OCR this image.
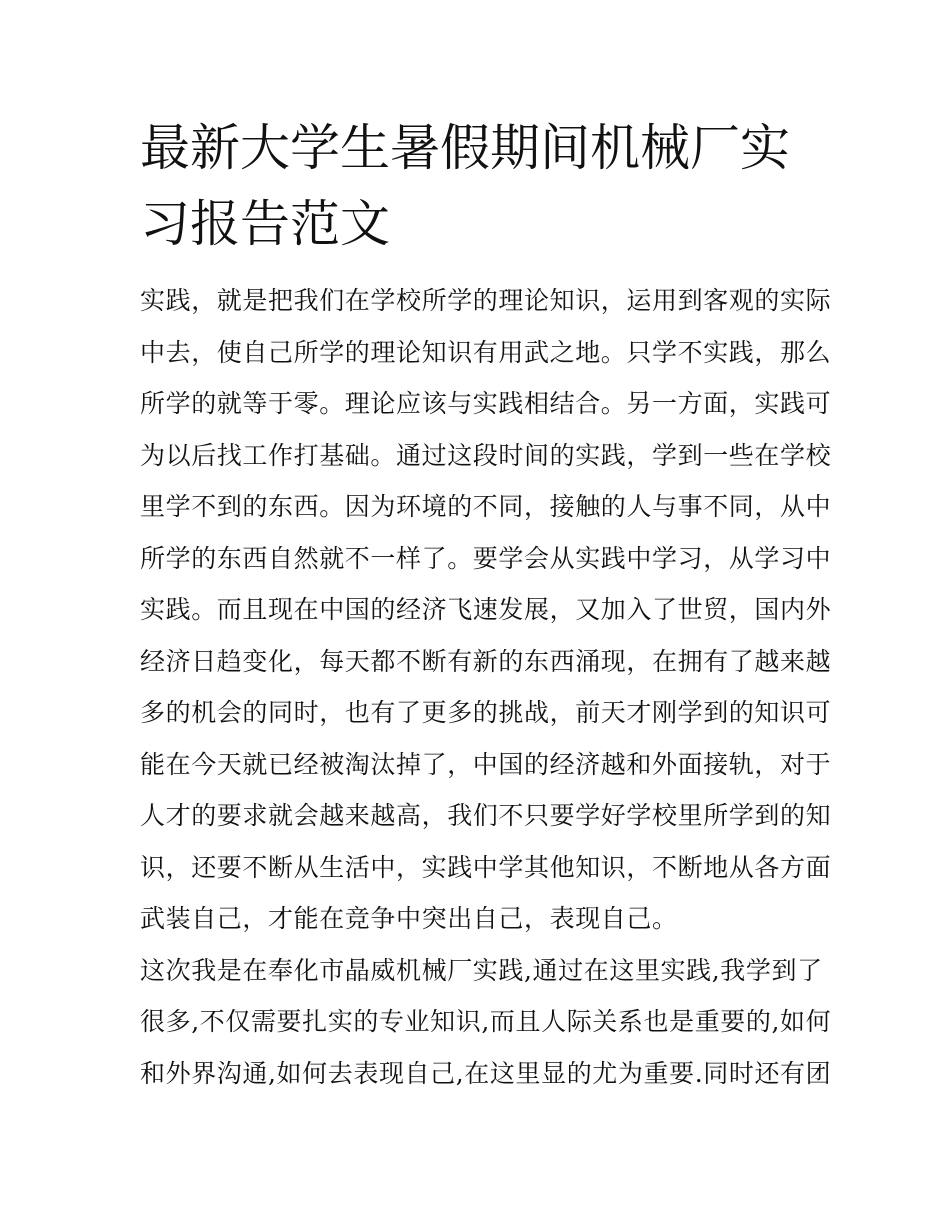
最新大学生暑假期间机械厂实
习报告范文
实践，就是把我们在学校所学的理论知识，运用到客观的实际
中去，使自己所学的理论知识有用武之地。只学不实践，那么
所学的就等于零。理论应该与实践相结合。另一方面，实践可
为以后找工作打基础。通过这段时间的实践，学到一些在学校
里学不到的东西。因为环境的不同，接触的人与事不同，从中
所学的东西自然就不一样了。要学会从实践中学习，从学习中
实践。而且现在中国的经济飞速发展，又加入了世贸，国内外
经济日趋变化，每天都不断有新的东西涌现，在拥有了越来越
多的机会的同时，也有了更多的挑战，前天才刚学到的知识可
能在今天就已经被淘汰掉了，中国的经济越和外面接轨，对于
人才的要求就会越来越高，我们不只要学好学校里所学到的知
识，还要不断从生活中，实践中学其他知识，不断地从各方面
武装自己，才能在竞争中突出自己，表现自己。
这次我是在奉化市晶威机械厂实践,通过在这里实践,我学到了
很多,不仅需要扎实的专业知识,而且人际关系也是重要的,如何
和外界沟通,如何去表现自己,在这里显的尤为重要.同时还有团
